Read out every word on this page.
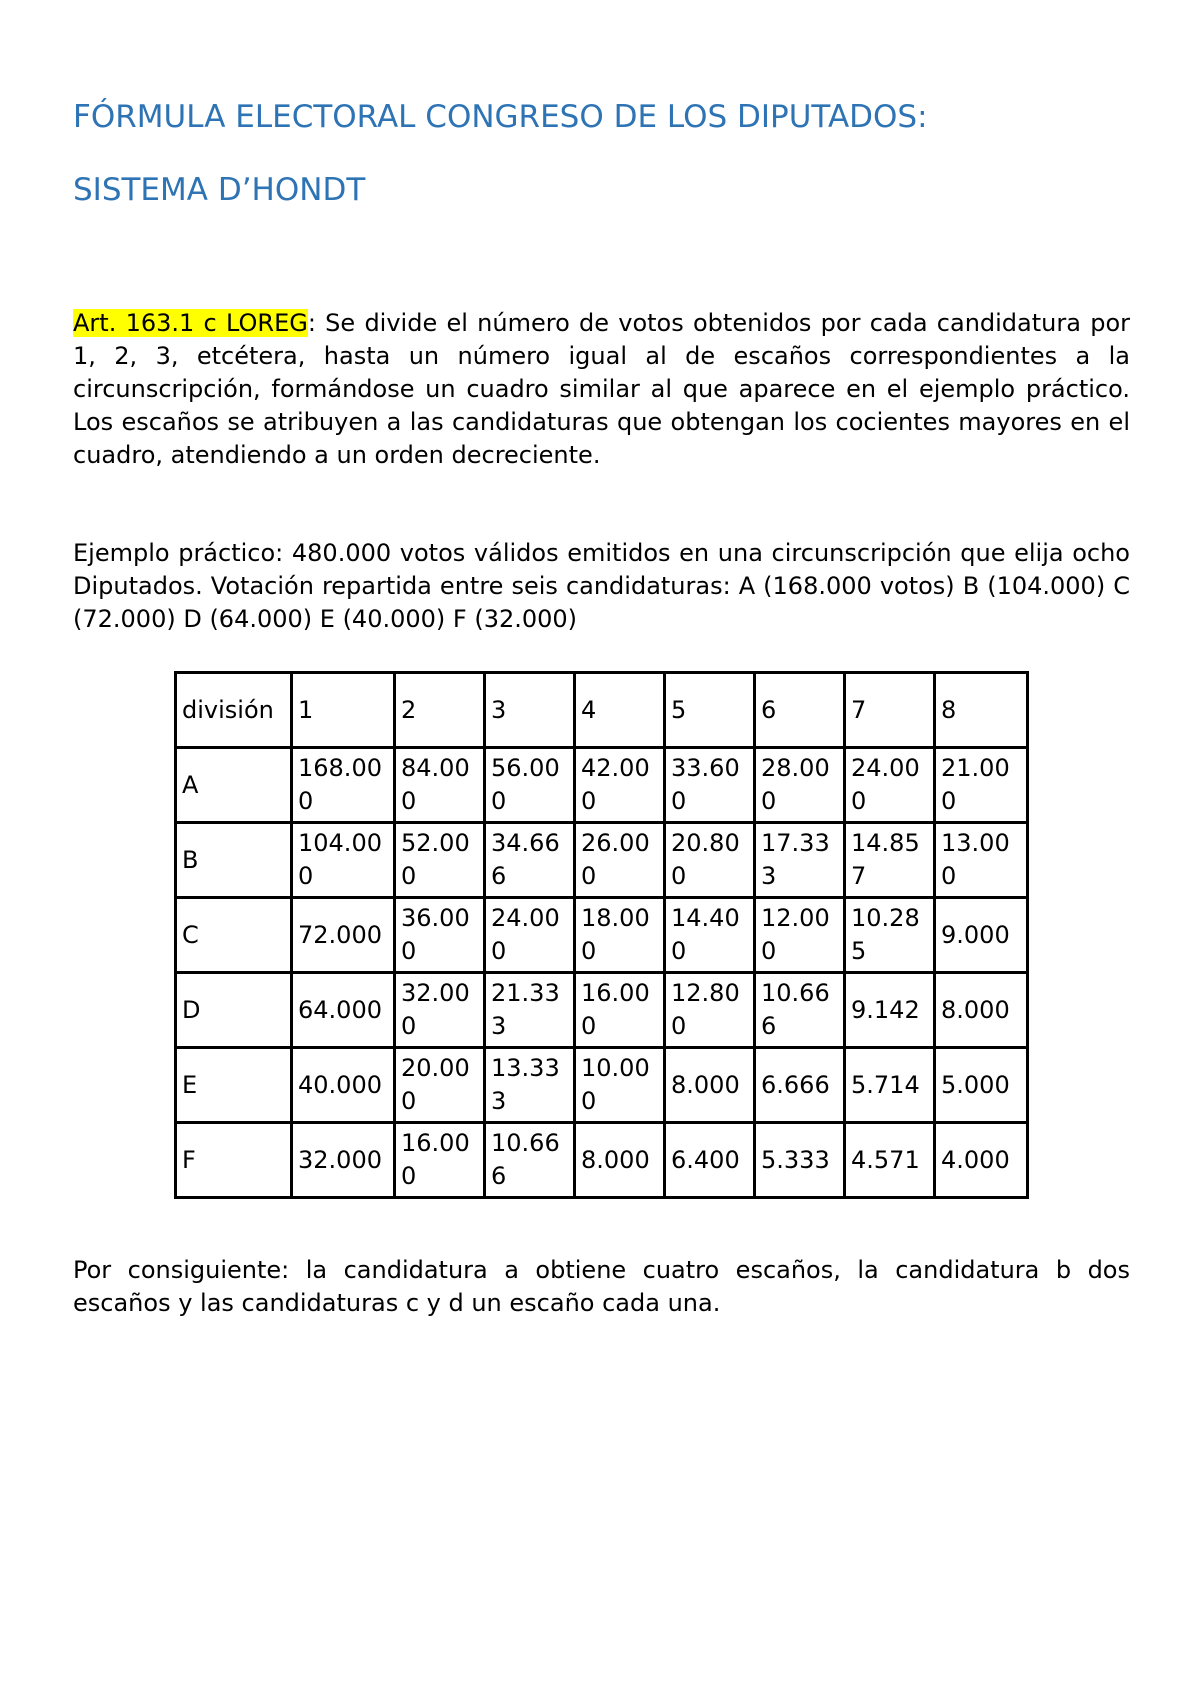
FÓRMULA ELECTORAL CONGRESO DE LOS DIPUTADOS:
SISTEMA D’HONDT

Art. 163.1 c LOREG: Se divide el número de votos obtenidos por cada candidatura por 1, 2, 3, etcétera, hasta un número igual al de escaños correspondientes a la circunscripción, formándose un cuadro similar al que aparece en el ejemplo práctico. Los escaños se atribuyen a las candidaturas que obtengan los cocientes mayores en el cuadro, atendiendo a un orden decreciente.

Ejemplo práctico: 480.000 votos válidos emitidos en una circunscripción que elija ocho Diputados. Votación repartida entre seis candidaturas: A (168.000 votos) B (104.000) C (72.000) D (64.000) E (40.000) F (32.000)

división	1	2	3	4	5	6	7	8
A	168.000	84.000	56.000	42.000	33.600	28.000	24.000	21.000
B	104.000	52.000	34.666	26.000	20.800	17.333	14.857	13.000
C	72.000	36.000	24.000	18.000	14.400	12.000	10.285	9.000
D	64.000	32.000	21.333	16.000	12.800	10.666	9.142	8.000
E	40.000	20.000	13.333	10.000	8.000	6.666	5.714	5.000
F	32.000	16.000	10.666	8.000	6.400	5.333	4.571	4.000

Por consiguiente: la candidatura a obtiene cuatro escaños, la candidatura b dos escaños y las candidaturas c y d un escaño cada una.
